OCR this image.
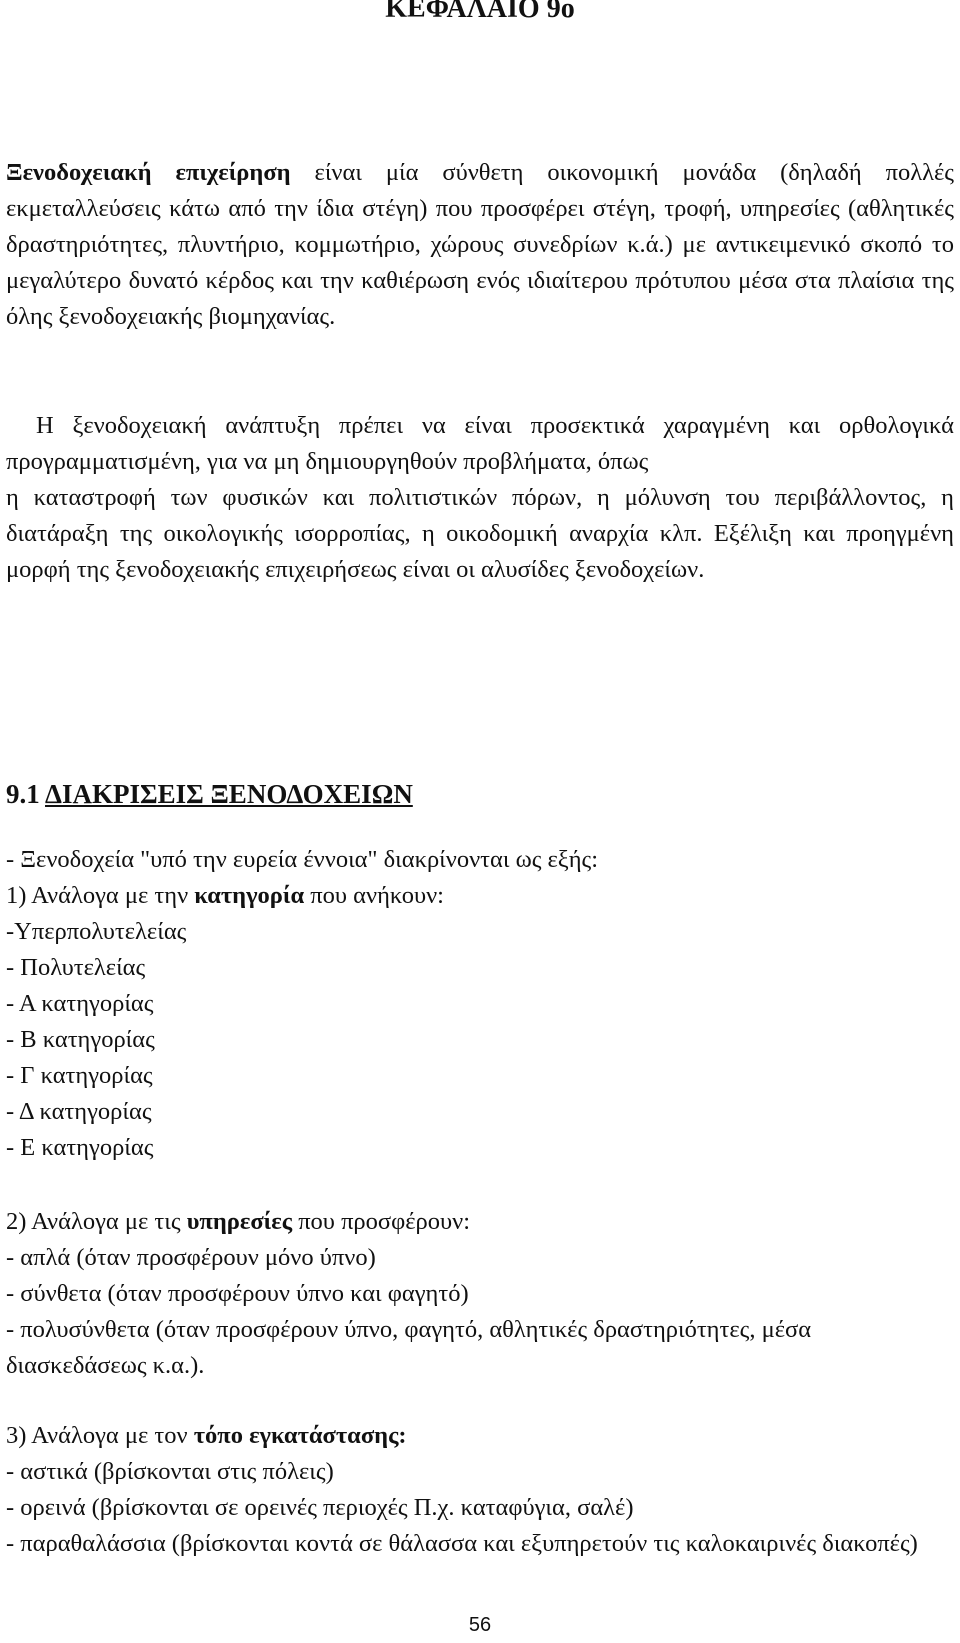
ΚΕΦΑΛΑΙΟ 9ο
Ξενοδοχειακή επιχείρηση είναι μία σύνθετη οικονομική μονάδα (δηλαδή πολλές εκμεταλλεύσεις κάτω από την ίδια στέγη) που προσφέρει στέγη, τροφή, υπηρεσίες (αθλητικές δραστηριότητες, πλυντήριο, κομμωτήριο, χώρους συνεδρίων κ.ά.) με αντικειμενικό σκοπό το μεγαλύτερο δυνατό κέρδος και την καθιέρωση ενός ιδιαίτερου πρότυπου μέσα στα πλαίσια της όλης ξενοδοχειακής βιομηχανίας.
Η ξενοδοχειακή ανάπτυξη πρέπει να είναι προσεκτικά χαραγμένη και ορθολογικά προγραμματισμένη, για να μη δημιουργηθούν προβλήματα, όπως
η καταστροφή των φυσικών και πολιτιστικών πόρων, η μόλυνση του περιβάλλοντος, η διατάραξη της οικολογικής ισορροπίας, η οικοδομική αναρχία κλπ. Εξέλιξη και προηγμένη μορφή της ξενοδοχειακής επιχειρήσεως είναι οι αλυσίδες ξενοδοχείων.
9.1 ΔΙΑΚΡΙΣΕΙΣ ΞΕΝΟΔΟΧΕΙΩΝ
- Ξενοδοχεία "υπό την ευρεία έννοια" διακρίνονται ως εξής:
1) Ανάλογα με την κατηγορία που ανήκουν:
-Υπερπολυτελείας
- Πολυτελείας
- Α κατηγορίας
- Β κατηγορίας
- Γ κατηγορίας
- Δ κατηγορίας
- Ε κατηγορίας
2) Ανάλογα με τις υπηρεσίες που προσφέρουν:
- απλά (όταν προσφέρουν μόνο ύπνο)
- σύνθετα (όταν προσφέρουν ύπνο και φαγητό)
- πολυσύνθετα (όταν προσφέρουν ύπνο, φαγητό, αθλητικές δραστηριότητες, μέσα διασκεδάσεως κ.α.).
3) Ανάλογα με τον τόπο εγκατάστασης:
- αστικά (βρίσκονται στις πόλεις)
- ορεινά (βρίσκονται σε ορεινές περιοχές Π.χ. καταφύγια, σαλέ)
- παραθαλάσσια (βρίσκονται κοντά σε θάλασσα και εξυπηρετούν τις καλοκαιρινές διακοπές)
56
